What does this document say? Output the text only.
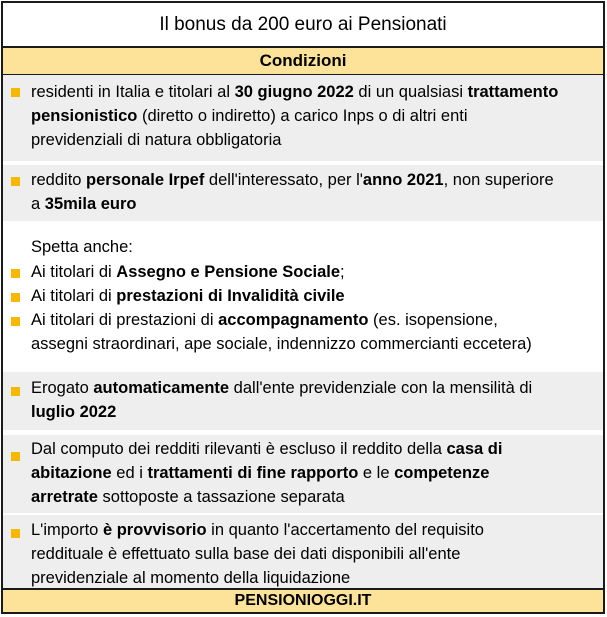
Il bonus da 200 euro ai Pensionati
Condizioni
residenti in Italia e titolari al 30 giugno 2022 di un qualsiasi trattamento
pensionistico (diretto o indiretto) a carico Inps o di altri enti
previdenziali di natura obbligatoria
reddito personale Irpef dell'interessato, per l'anno 2021, non superiore
a 35mila euro
Spetta anche:
Ai titolari di Assegno e Pensione Sociale;
Ai titolari di prestazioni di Invalidità civile
Ai titolari di prestazioni di accompagnamento (es. isopensione,
assegni straordinari, ape sociale, indennizzo commercianti eccetera)
Erogato automaticamente dall'ente previdenziale con la mensilità di
luglio 2022
Dal computo dei redditi rilevanti è escluso il reddito della casa di
abitazione ed i trattamenti di fine rapporto e le competenze
arretrate sottoposte a tassazione separata
L'importo è provvisorio in quanto l'accertamento del requisito
reddituale è effettuato sulla base dei dati disponibili all'ente
previdenziale al momento della liquidazione
PENSIONIOGGI.IT
